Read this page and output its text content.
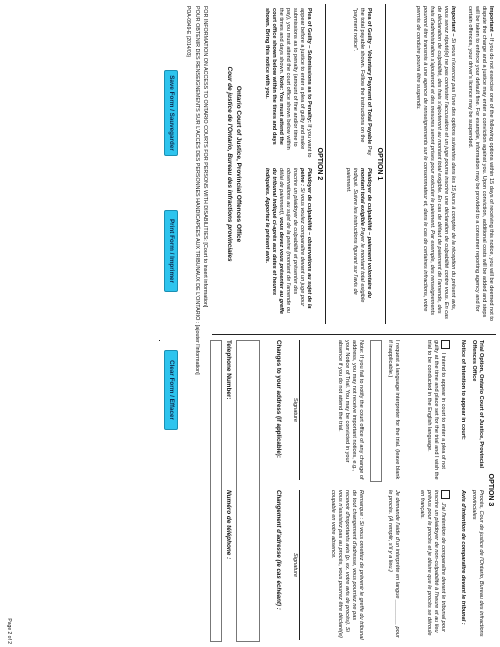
Important – If you do not exercise one of the following options within 15 days of receiving this notice, you will be deemed not to dispute the charge and a justice may enter a conviction against you. Upon conviction, additional costs will be added and steps will be taken to enforce your default fine. For example, information may be provided to a consumer reporting agency and for certain offences, your driver's licence may be suspended.
Important – Si vous n'exercez pas l'une des options suivantes dans les 15 jours à compter de la réception du présent avis, vous serez réputé(e) ne pas contester l'accusation et un juge pourra inscrire une déclaration de culpabilité contre vous. En cas de déclaration de culpabilité, des frais s'ajouteront au montant total exigible. En cas de défaut de paiement de l'amende, des frais d'administration s'ajouteront et des mesures seront prises pour exécuter le paiement. Par exemple, des renseignements pourront être transmis à une agence de renseignements sur le consommateur et, dans le cas de certaines infractions, votre permis de conduire pourra être suspendu.
OPTION 1
Plea of Guilty – Voluntary Payment of Total Payable Pay the total payable shown. Follow the instructions on the "payment notice".
Plaidoyer de culpabilité – paiement volontaire du montant total exigible Payer le montant total exigible indiqué. Suivre les instructions figurant sur l'avis de paiement.
OPTION 2
Plea of Guilty – Submissions as to Penalty: If you want to appear before a justice to enter a plea of guilty and make submissions as to penalty (amount of fine and/or time to pay), you must attend the court office shown below within the times and days shown. Note: You must attend the court office shown below within the times and days shown. Bring this notice with you.
Plaidoyer de culpabilité – observations au sujet de la peine : Si vous voulez comparaître devant un juge pour inscrire un plaidoyer de culpabilité et présenter des observations au sujet de la peine (montant de l'amende ou délai de paiement), vous devez vous présenter au greffe du tribunal indiqué ci-après aux dates et heures indiquées. Apportez le présent avis.
Ontario Court of Justice, Provincial Offences Office
Cour de justice de l'Ontario, Bureau des infractions provinciales
FOR INFORMATION ON ACCESS TO ONTARIO COURTS FOR PERSONS WITH DISABILITIES: [Court to insert information]
POUR OBTENIR DES RENSEIGNEMENTS SUR L'ACCÈS DES PERSONNES HANDICAPÉES AUX TRIBUNAUX DE L'ONTARIO : [ajouter l'information]
POA-0949-E (2014/03)
Save Form / Sauvegarder
Print Form / Imprimer
Clear Form / Effacer
OPTION 3
Trial Option, Ontario Court of Justice, Provincial Offences Office
Procès, Cour de justice de l'Ontario, Bureau des infractions provinciales
Notice of Intention to appear in court:
Avis d'intention de comparaître devant le tribunal :
I intend to appear in court to enter a plea of not guilty at the time and place set for the trial and I wish the trial to be conducted in the English language.
J'ai l'intention de comparaître devant le tribunal pour inscrire un plaidoyer de non-culpabilité à l'heure et au lieu prévus pour le procès et je désire que le procès se déroule en français.
I request a language interpreter for the trial. (leave blank if inapplicable.)
Je demande l'aide d'un interprète en langue ________ pour le procès. (À remplir, s'il y a lieu.)
Note: If you fail to notify the court office of any change of address, you may not receive important notices, e.g., your Notice of Trial. You may be convicted in your absence if you do not attend the trial.
Remarque : Si vous omettez de prévenir le greffe du tribunal de tout changement d'adresse, vous pourriez ne pas recevoir d'importants avis (p. ex. votre avis de procès). Si vous n'assistez pas au procès, vous pourrez être déclaré(e) coupable en votre absence.
Signature
Signature
Changes to your address (if applicable):
Changement d'adresse (le cas échéant) :
Telephone Number:
Numéro de téléphone :
Page 2 of 2
